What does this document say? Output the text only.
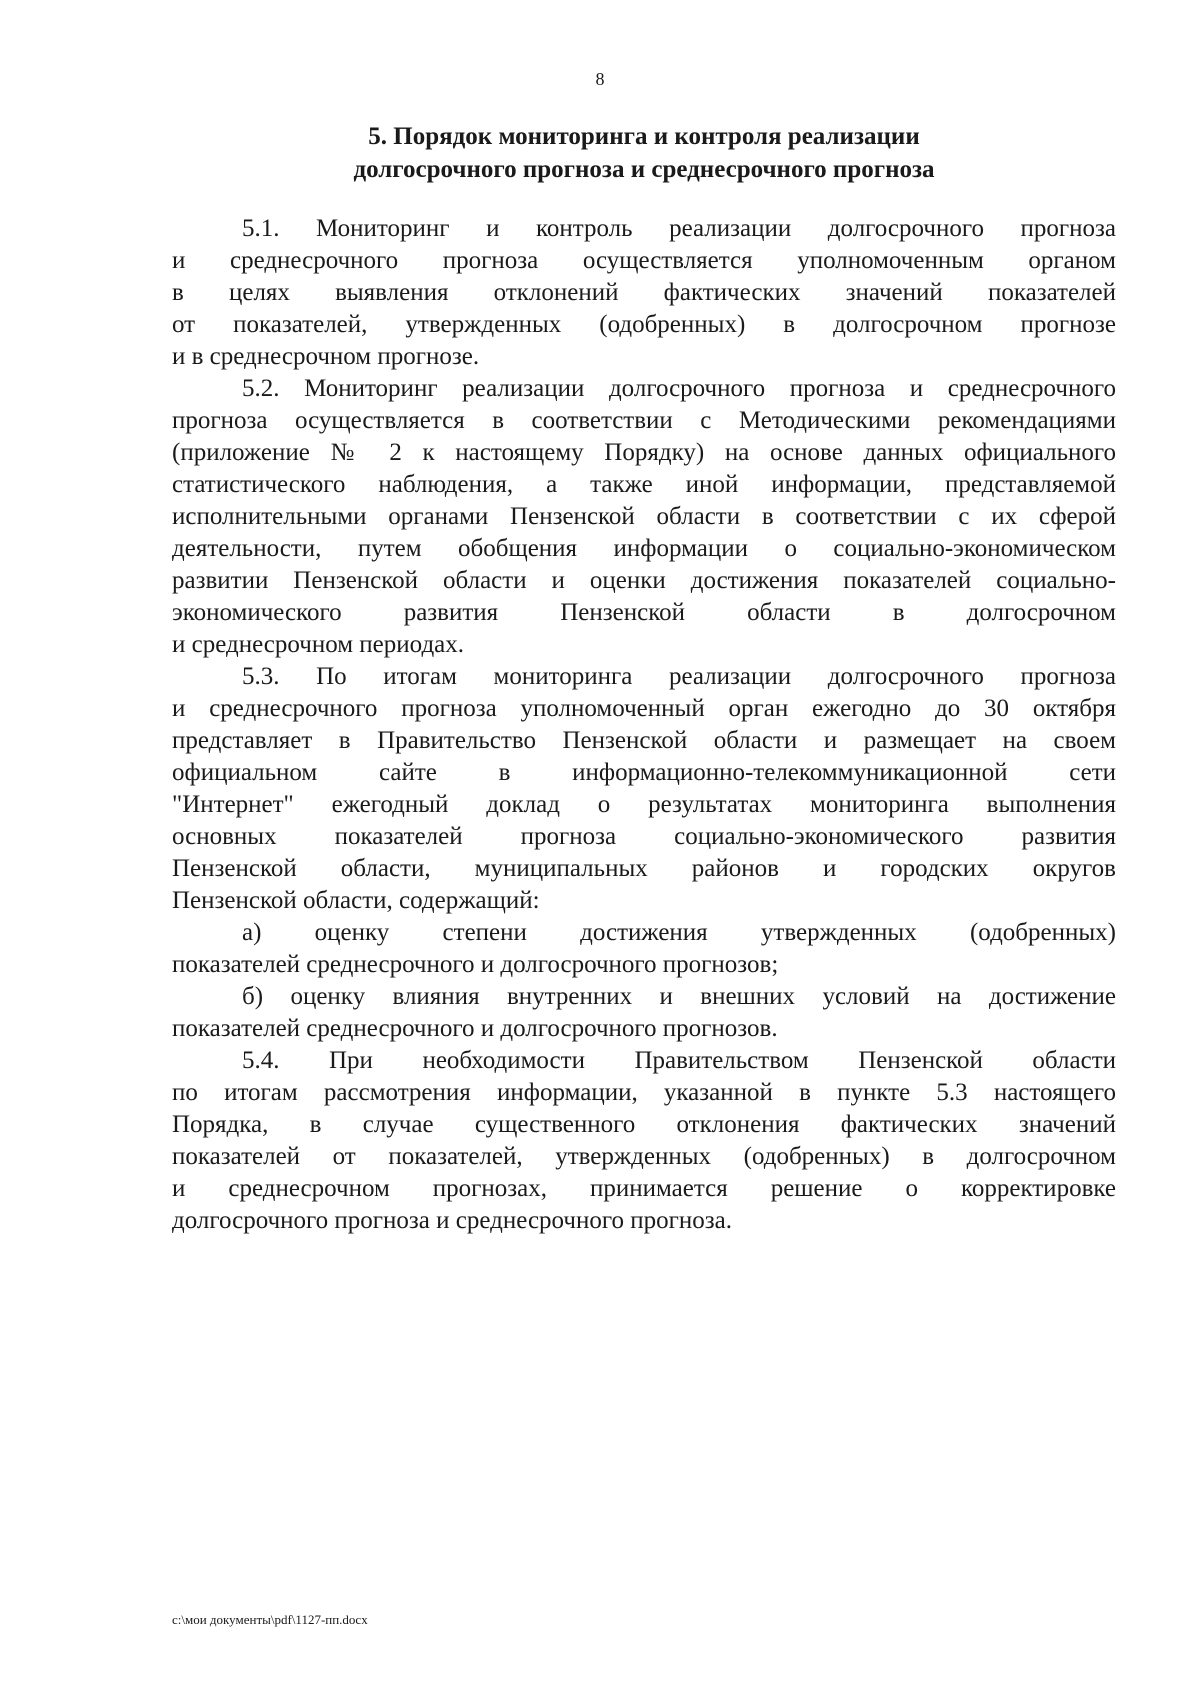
8
5. Порядок мониторинга и контроля реализации
долгосрочного прогноза и среднесрочного прогноза
5.1. Мониторинг и контроль реализации долгосрочного прогноза
и среднесрочного прогноза осуществляется уполномоченным органом
в целях выявления отклонений фактических значений показателей
от показателей, утвержденных (одобренных) в долгосрочном прогнозе
и в среднесрочном прогнозе.
5.2. Мониторинг реализации долгосрочного прогноза и среднесрочного
прогноза осуществляется в соответствии с Методическими рекомендациями
(приложение № 2 к настоящему Порядку) на основе данных официального
статистического наблюдения, а также иной информации, представляемой
исполнительными органами Пензенской области в соответствии с их сферой
деятельности, путем обобщения информации о социально-экономическом
развитии Пензенской области и оценки достижения показателей социально-
экономического развития Пензенской области в долгосрочном
и среднесрочном периодах.
5.3. По итогам мониторинга реализации долгосрочного прогноза
и среднесрочного прогноза уполномоченный орган ежегодно до 30 октября
представляет в Правительство Пензенской области и размещает на своем
официальном сайте в информационно-телекоммуникационной сети
"Интернет" ежегодный доклад о результатах мониторинга выполнения
основных показателей прогноза социально-экономического развития
Пензенской области, муниципальных районов и городских округов
Пензенской области, содержащий:
а) оценку степени достижения утвержденных (одобренных)
показателей среднесрочного и долгосрочного прогнозов;
б) оценку влияния внутренних и внешних условий на достижение
показателей среднесрочного и долгосрочного прогнозов.
5.4. При необходимости Правительством Пензенской области
по итогам рассмотрения информации, указанной в пункте 5.3 настоящего
Порядка, в случае существенного отклонения фактических значений
показателей от показателей, утвержденных (одобренных) в долгосрочном
и среднесрочном прогнозах, принимается решение о корректировке
долгосрочного прогноза и среднесрочного прогноза.
c:\мои документы\pdf\1127-пп.docx
